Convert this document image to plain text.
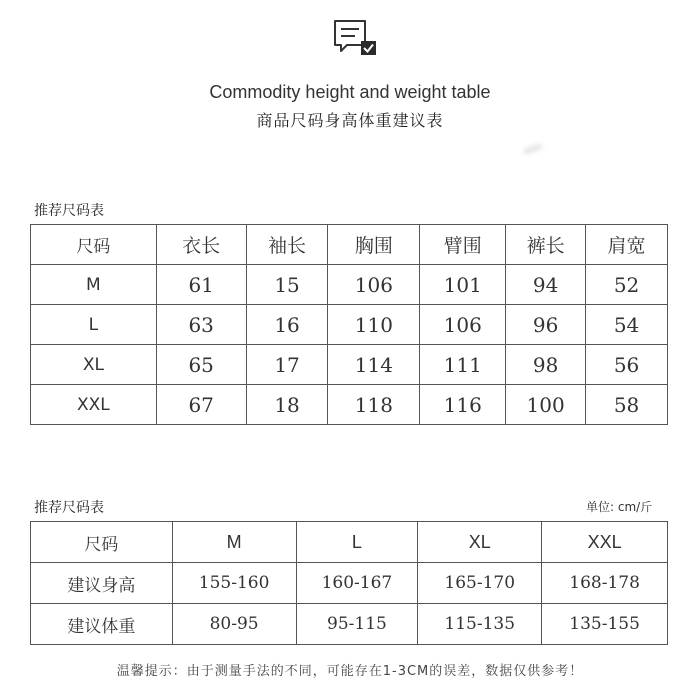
Commodity height and weight table
商品尺码身高体重建议表
推荐尺码表
尺码	衣长	袖长	胸围	臂围	裤长	肩宽
M	61	15	106	101	94	52
L	63	16	110	106	96	54
XL	65	17	114	111	98	56
XXL	67	18	118	116	100	58
推荐尺码表	单位: cm/斤
尺码	M	L	XL	XXL
建议身高	155-160	160-167	165-170	168-178
建议体重	80-95	95-115	115-135	135-155
温馨提示：由于测量手法的不同，可能存在1-3CM的误差，数据仅供参考！
